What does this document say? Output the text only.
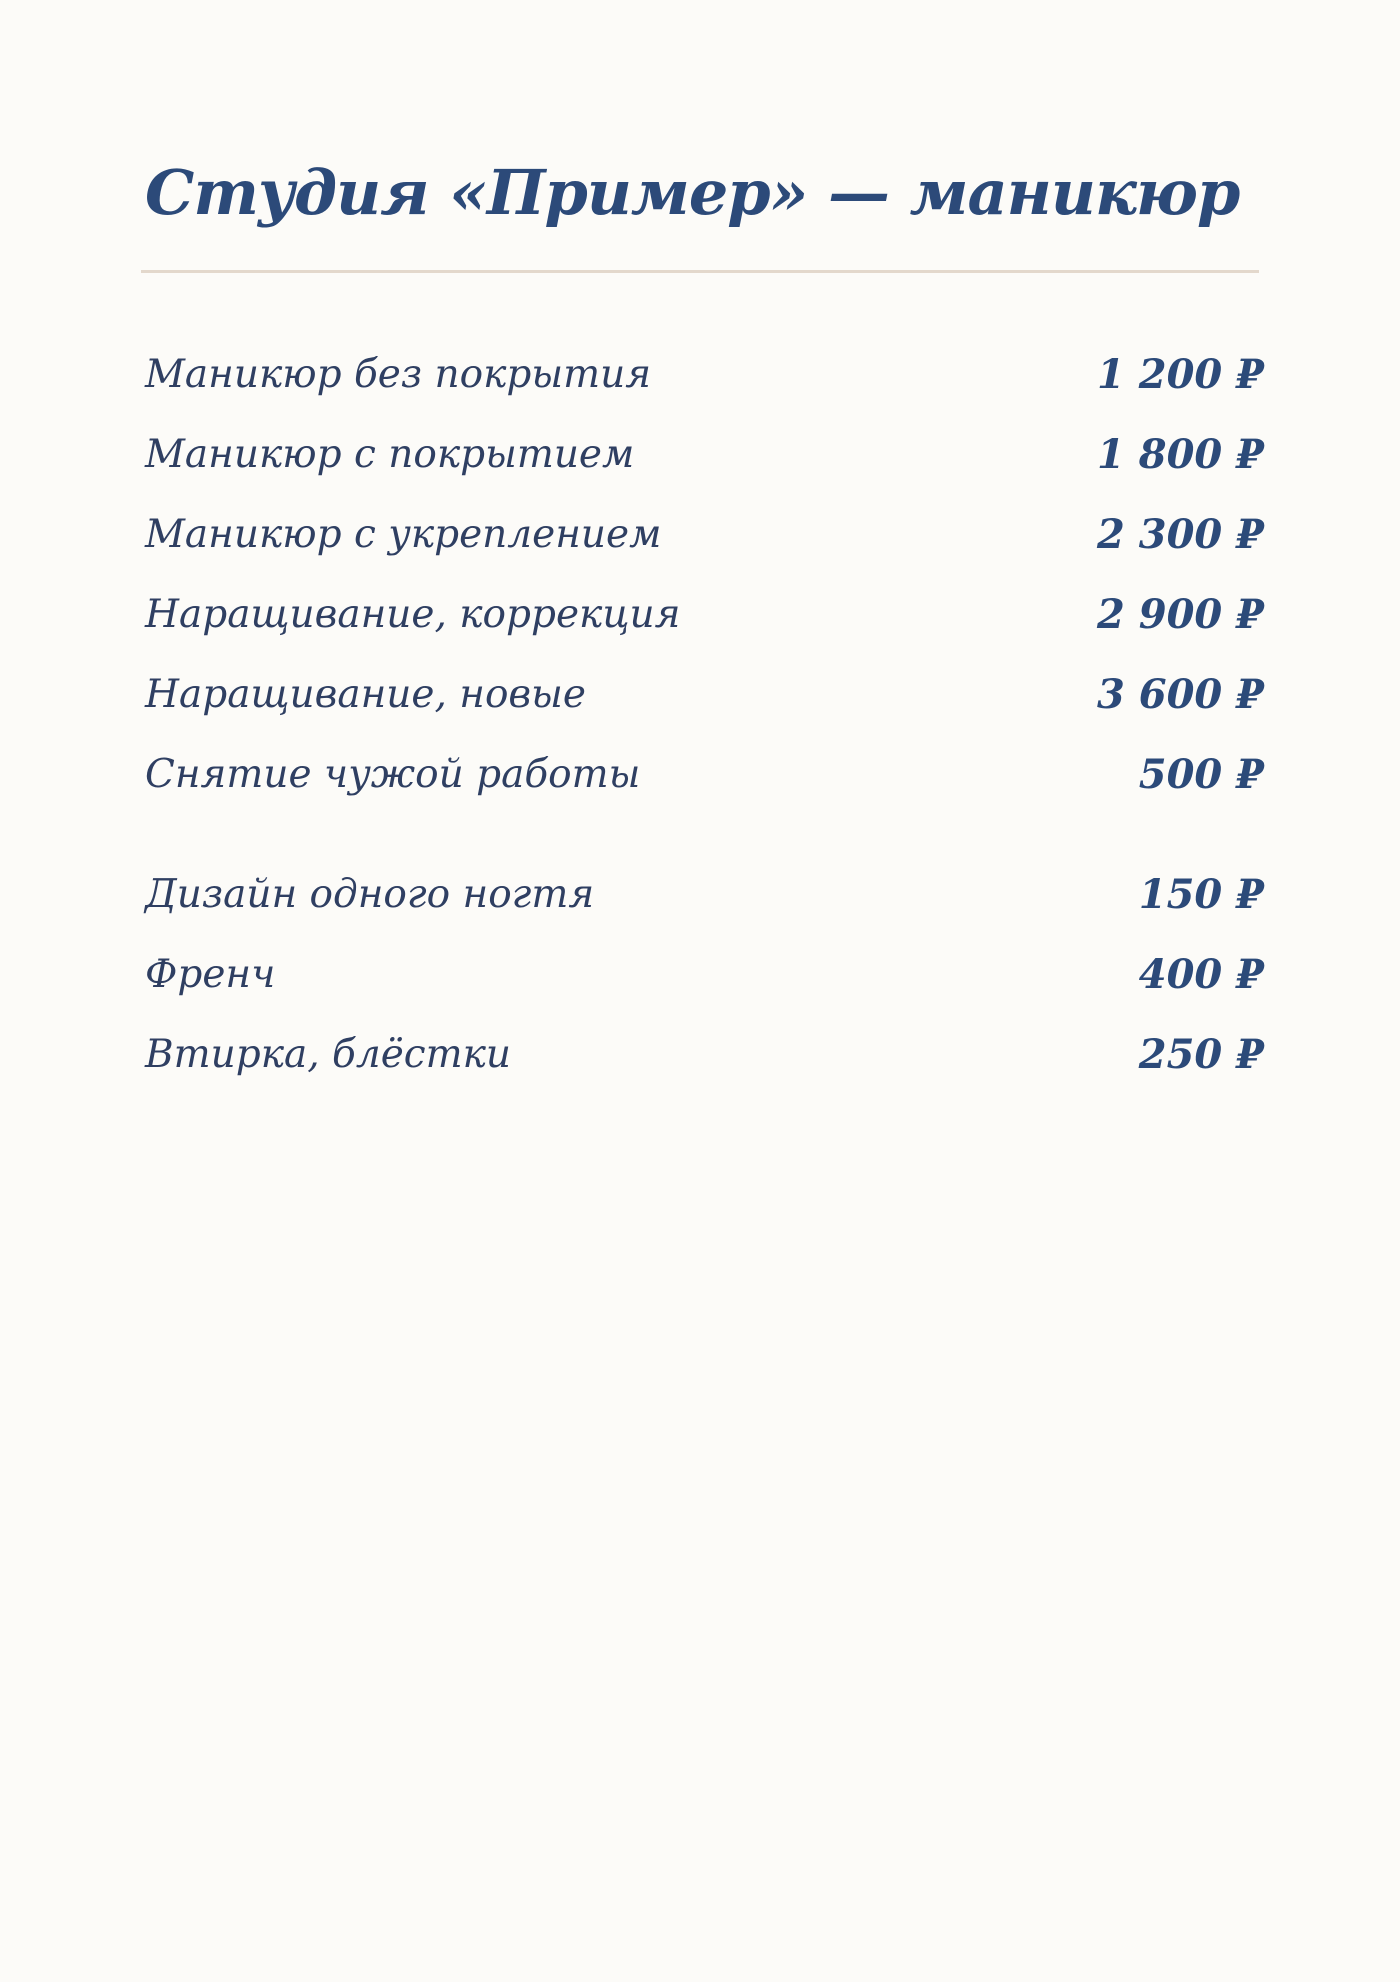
Студия «Пример» — маникюр
Маникюр без покрытия	1 200 ₽
Маникюр с покрытием	1 800 ₽
Маникюр с укреплением	2 300 ₽
Наращивание, коррекция	2 900 ₽
Наращивание, новые	3 600 ₽
Снятие чужой работы	500 ₽
Дизайн одного ногтя	150 ₽
Френч	400 ₽
Втирка, блёстки	250 ₽
